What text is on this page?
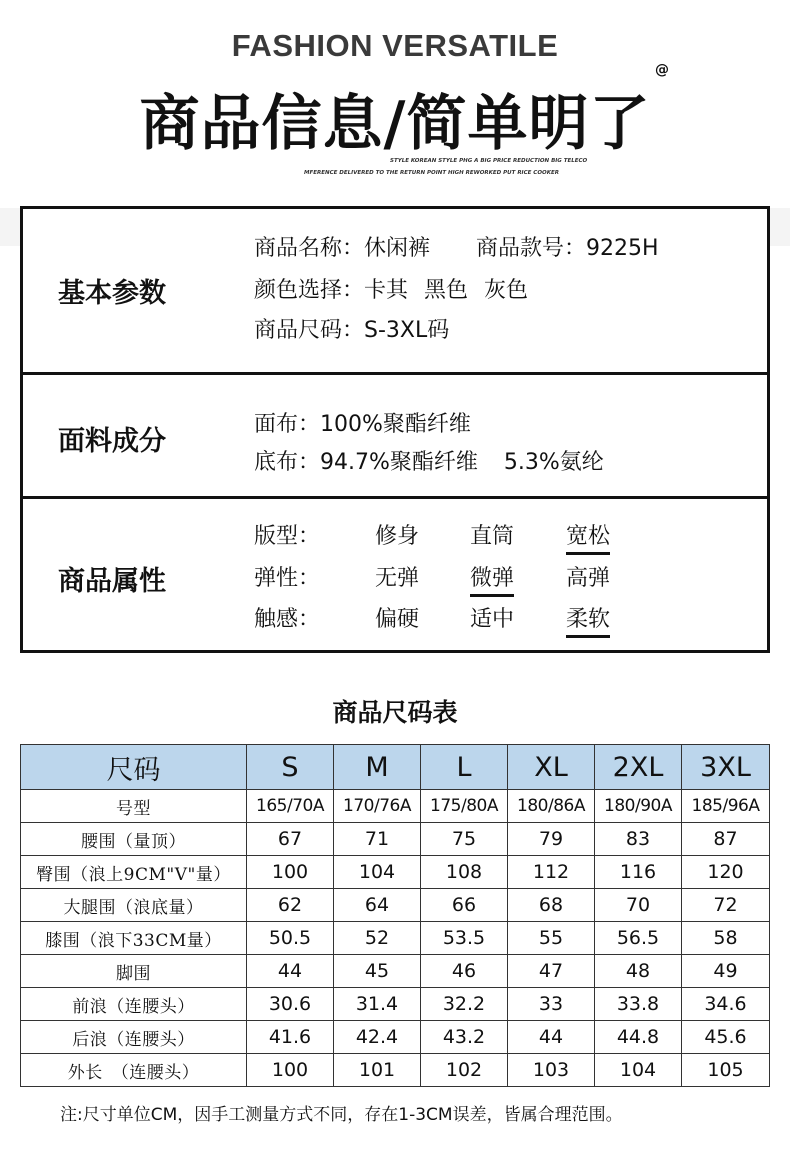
FASHION VERSATILE
商品信息/简单明了
@
STYLE KOREAN STYLE PHG A BIG PRICE REDUCTION BIG TELECO
MFERENCE DELIVERED TO THE RETURN POINT HIGH REWORKED PUT RICE COOKER
基本参数
商品名称：休闲裤 商品款号：9225H
颜色选择：卡其 黑色 灰色
商品尺码：S-3XL码
面料成分
面布：100%聚酯纤维
底布：94.7%聚酯纤维 5.3%氨纶
商品属性
版型： 修身 直筒 宽松
弹性： 无弹 微弹 高弹
触感： 偏硬 适中 柔软
商品尺码表
尺码	S	M	L	XL	2XL	3XL
号型	165/70A	170/76A	175/80A	180/86A	180/90A	185/96A
腰围（量顶）	67	71	75	79	83	87
臀围（浪上9CM"V"量）	100	104	108	112	116	120
大腿围（浪底量）	62	64	66	68	70	72
膝围（浪下33CM量）	50.5	52	53.5	55	56.5	58
脚围	44	45	46	47	48	49
前浪（连腰头）	30.6	31.4	32.2	33	33.8	34.6
后浪（连腰头）	41.6	42.4	43.2	44	44.8	45.6
外长　（连腰头）	100	101	102	103	104	105
注:尺寸单位CM，因手工测量方式不同，存在1-3CM误差，皆属合理范围。
